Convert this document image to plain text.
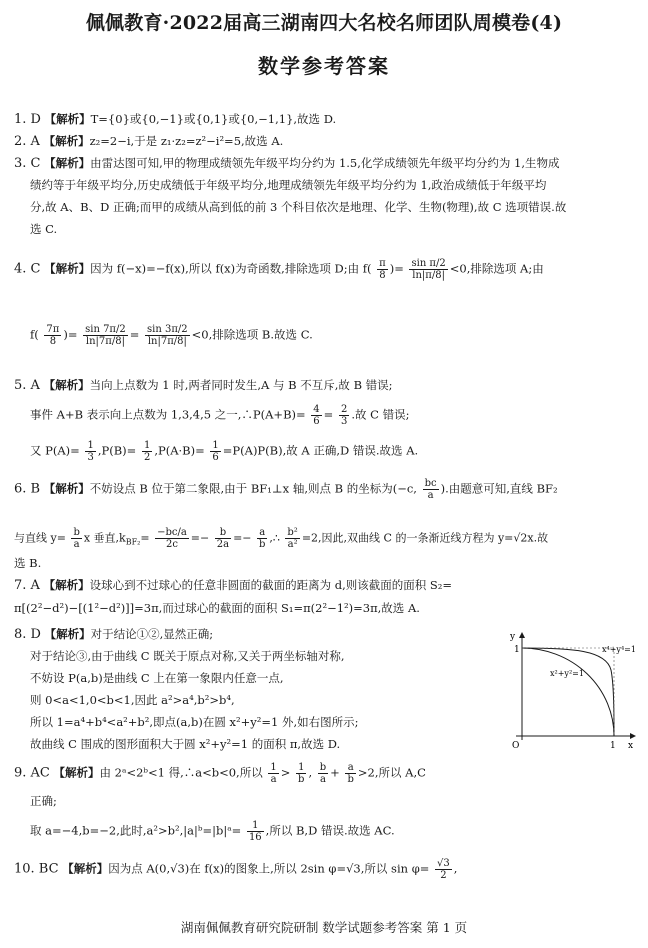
佩佩教育·2022届高三湖南四大名校名师团队周模卷(4)
数学参考答案
1. D 【解析】T={0}或{0,−1}或{0,1}或{0,−1,1},故选 D.
2. A 【解析】z₂=2−i,于是 z₁·z₂=z²−i²=5,故选 A.
3. C 【解析】由雷达图可知,甲的物理成绩领先年级平均分约为 1.5,化学成绩领先年级平均分约为 1,生物成
绩约等于年级平均分,历史成绩低于年级平均分,地理成绩领先年级平均分约为 1,政治成绩低于年级平均
分,故 A、B、D 正确;而甲的成绩从高到低的前 3 个科目依次是地理、化学、生物(物理),故 C 选项错误.故
选 C.
4. C 【解析】因为 f(−x)=−f(x),所以 f(x)为奇函数,排除选项 D;由 $f( \frac{\pi}{8}$ )= $\frac{\text{sin π/2}}{\ln|\pi/8|} <0$,排除选项 A;由
$f( \frac{7\pi}{8}$ )= $\frac{\sin 7\pi/2}{\ln|7\pi/8|} = \frac{\sin 3\pi/2}{\ln|7\pi/8|} <0$,排除选项 B.故选 C.
5. A 【解析】当向上点数为 1 时,两者同时发生,A 与 B 不互斥,故 B 错误;
事件 A+B 表示向上点数为 1,3,4,5 之一,∴P(A+B)= $\frac{4}{6} = \frac{2}{3}$ .故 C 错误;
又 $P(A)= \frac{1}{3} ,P(B)= \frac{1}{2} ,P(A\cdot B)= \frac{1}{6} =P(A)P(B)$,故 A 正确,D 错误.故选 A.
6. B 【解析】不妨设点 B 位于第二象限,由于 BF₁⊥x 轴,则点 B 的坐标为(−c, $\frac{bc}{a}$ ).由题意可知,直线 BF₂
与直线 $y= \frac{b}{a}$ x 垂直$,k_{BF_2}= \frac{-bc/a}{2c} =- \frac{b}{2a} =- \frac{a}{b}$ ,∴ $\frac{\text{b²}}{\text{a²}} =2$,因此,双曲线 C 的一条渐近线方程为 y=√2x.故
选 B.
7. A 【解析】设球心到不过球心的任意非圆面的截面的距离为 d,则该截面的面积 S₂=
π[(2²−d²)−[(1²−d²)]]=3π,而过球心的截面的面积 S₁=π(2²−1²)=3π,故选 A.
8. D 【解析】对于结论①②,显然正确;
对于结论③,由于曲线 C 既关于原点对称,又关于两坐标轴对称,
不妨设 P(a,b)是曲线 C 上在第一象限内任意一点,
则 0<a<1,0<b<1,因此 a²>a⁴,b²>b⁴,
所以 1=a⁴+b⁴<a²+b²,即点(a,b)在圆 x²+y²=1 外,如右图所示;
故曲线 C 围成的图形面积大于圆 x²+y²=1 的面积 π,故选 D.
y
1
O	1 x
x⁴+y⁴=1
x²+y²=1
9. AC 【解析】由 2ᵃ<2ᵇ<1 得,∴a<b<0,所以 $\frac{1}{a} > \frac{1}{b}$ , $\frac{b}{a} + \frac{a}{b} >2$,所以 A,C
正确;
取 a=−4,b=−2,此时,a²>b²,|a|ᵇ=|b|ᵃ= $\frac{1}{16}$ ,所以 B,D 错误.故选 AC.
10. BC 【解析】因为点 A(0,√3)在 f(x)的图象上,所以 2sin φ=√3,所以 $\sin \varphi= \frac{√3}{2}$ ,
湖南佩佩教育研究院研制 数学试题参考答案 第 1 页
